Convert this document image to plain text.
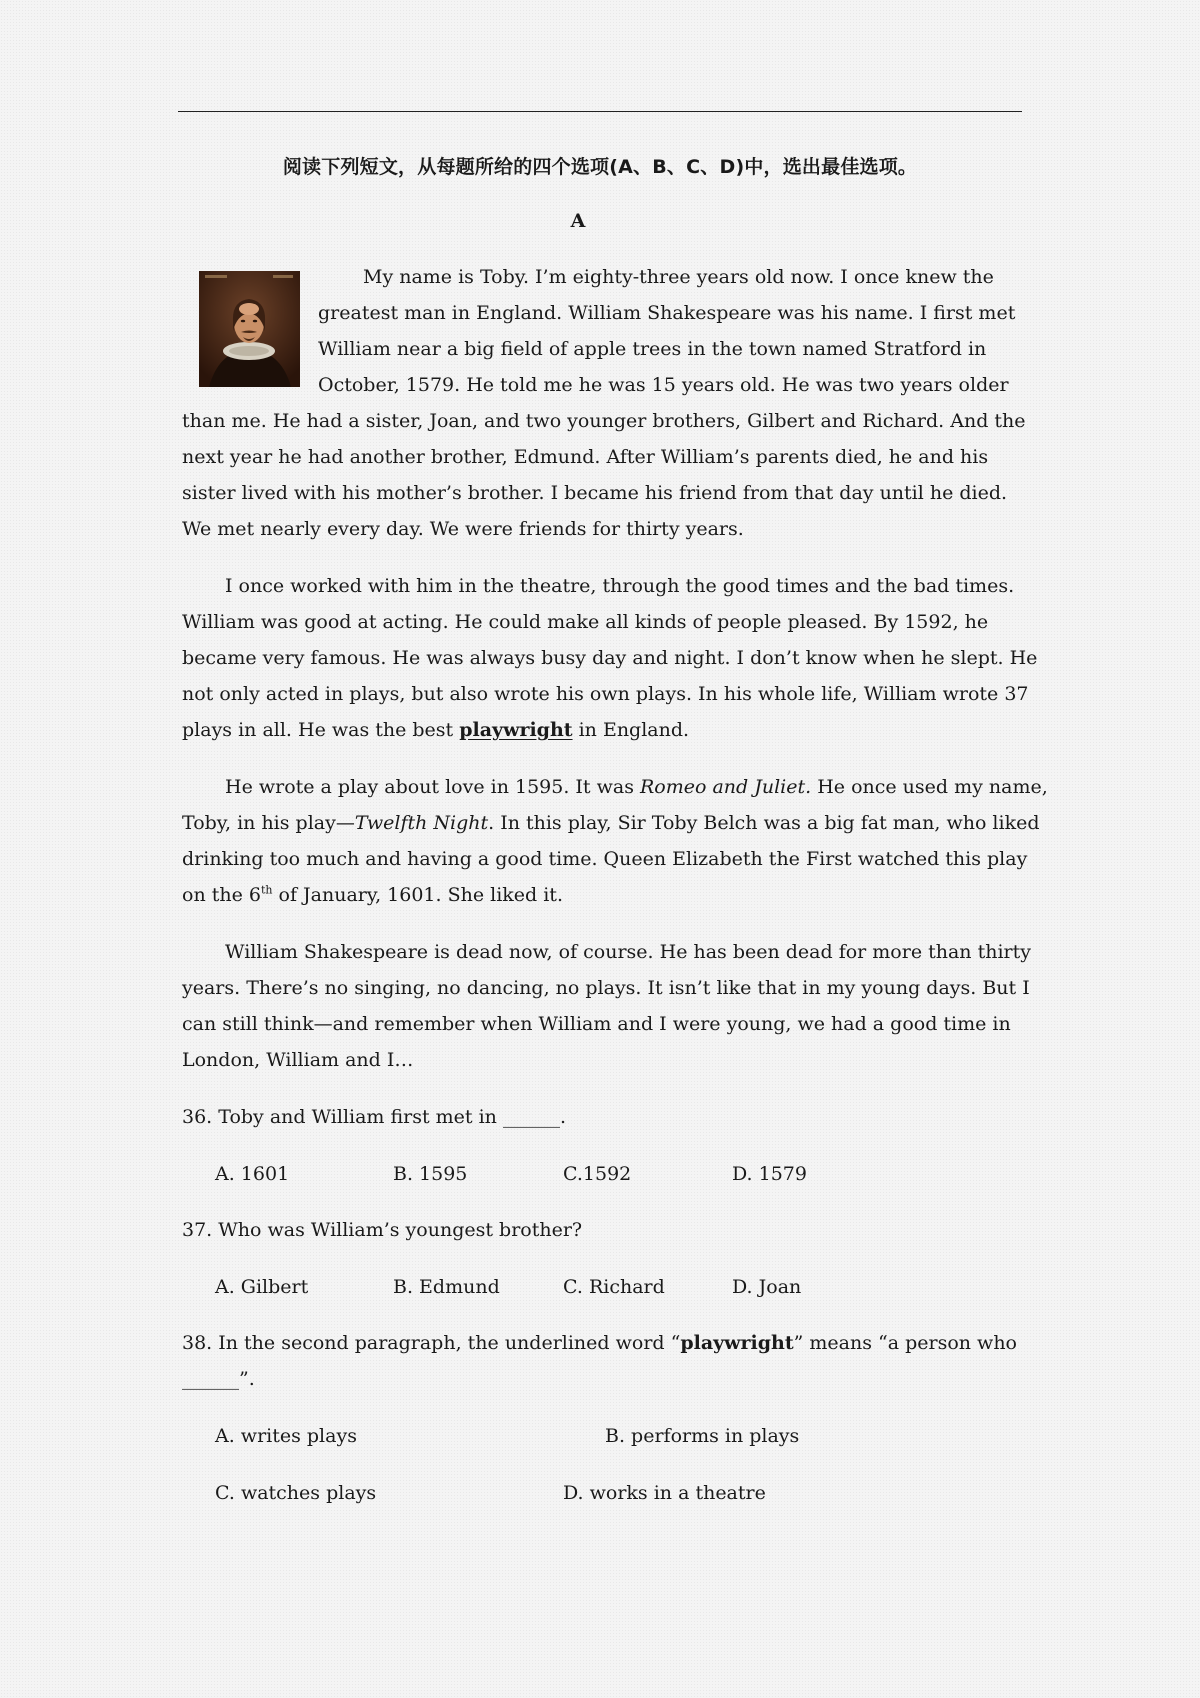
阅读下列短文，从每题所给的四个选项(A、B、C、D)中，选出最佳选项。
A
My name is Toby. I’m eighty-three years old now. I once knew the
greatest man in England. William Shakespeare was his name. I first met
William near a big field of apple trees in the town named Stratford in
October, 1579. He told me he was 15 years old. He was two years older
than me. He had a sister, Joan, and two younger brothers, Gilbert and Richard. And the
next year he had another brother, Edmund. After William’s parents died, he and his
sister lived with his mother’s brother. I became his friend from that day until he died.
We met nearly every day. We were friends for thirty years.
I once worked with him in the theatre, through the good times and the bad times.
William was good at acting. He could make all kinds of people pleased. By 1592, he
became very famous. He was always busy day and night. I don’t know when he slept. He
not only acted in plays, but also wrote his own plays. In his whole life, William wrote 37
plays in all. He was the best playwright in England.
He wrote a play about love in 1595. It was Romeo and Juliet. He once used my name,
Toby, in his play—Twelfth Night. In this play, Sir Toby Belch was a big fat man, who liked
drinking too much and having a good time. Queen Elizabeth the First watched this play
on the 6th of January, 1601. She liked it.
William Shakespeare is dead now, of course. He has been dead for more than thirty
years. There’s no singing, no dancing, no plays. It isn’t like that in my young days. But I
can still think—and remember when William and I were young, we had a good time in
London, William and I…
36. Toby and William first met in ______.
A. 1601	B. 1595	C.1592	D. 1579
37. Who was William’s youngest brother?
A. Gilbert	B. Edmund	C. Richard	D. Joan
38. In the second paragraph, the underlined word “playwright” means “a person who
______”.
A. writes plays	B. performs in plays
C. watches plays	D. works in a theatre
